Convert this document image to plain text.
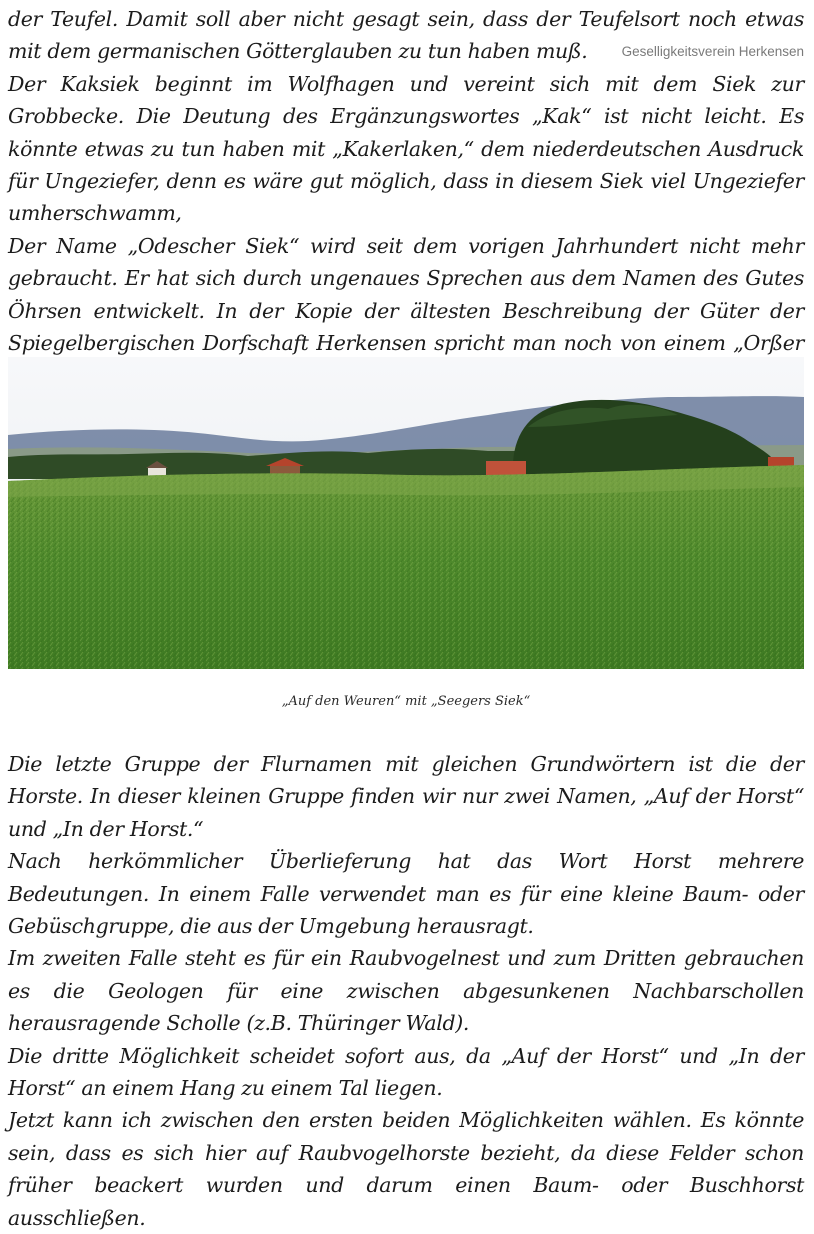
der Teufel. Damit soll aber nicht gesagt sein, dass der Teufelsort noch etwas mit dem germanischen Götterglauben zu tun haben muß.

Der Kaksiek beginnt im Wolfhagen und vereint sich mit dem Siek zur Grobbecke. Die Deutung des Ergänzungswortes „Kak“ ist nicht leicht. Es könnte etwas zu tun haben mit „Kakerlaken,“ dem niederdeutschen Ausdruck für Ungeziefer, denn es wäre gut möglich, dass in diesem Siek viel Ungeziefer umherschwamm,

Der Name „Odescher Siek“ wird seit dem vorigen Jahrhundert nicht mehr gebraucht. Er hat sich durch ungenaues Sprechen aus dem Namen des Gutes Öhrsen entwickelt. In der Kopie der ältesten Beschreibung der Güter der Spiegelbergischen Dorfschaft Herkensen spricht man noch von einem „Orßer

Geselligkeitsverein Herkensen
„Auf den Weuren“ mit „Seegers Siek“

Die letzte Gruppe der Flurnamen mit gleichen Grundwörtern ist die der Horste. In dieser kleinen Gruppe finden wir nur zwei Namen, „Auf der Horst“ und „In der Horst.“

Nach herkömmlicher Überlieferung hat das Wort Horst mehrere Bedeutungen. In einem Falle verwendet man es für eine kleine Baum- oder Gebüschgruppe, die aus der Umgebung herausragt.

Im zweiten Falle steht es für ein Raubvogelnest und zum Dritten gebrauchen es die Geologen für eine zwischen abgesunkenen Nachbarschollen herausragende Scholle (z.B. Thüringer Wald).

Die dritte Möglichkeit scheidet sofort aus, da „Auf der Horst“ und „In der Horst“ an einem Hang zu einem Tal liegen.

Jetzt kann ich zwischen den ersten beiden Möglichkeiten wählen. Es könnte sein, dass es sich hier auf Raubvogelhorste bezieht, da diese Felder schon früher beackert wurden und darum einen Baum- oder Buschhorst ausschließen.
